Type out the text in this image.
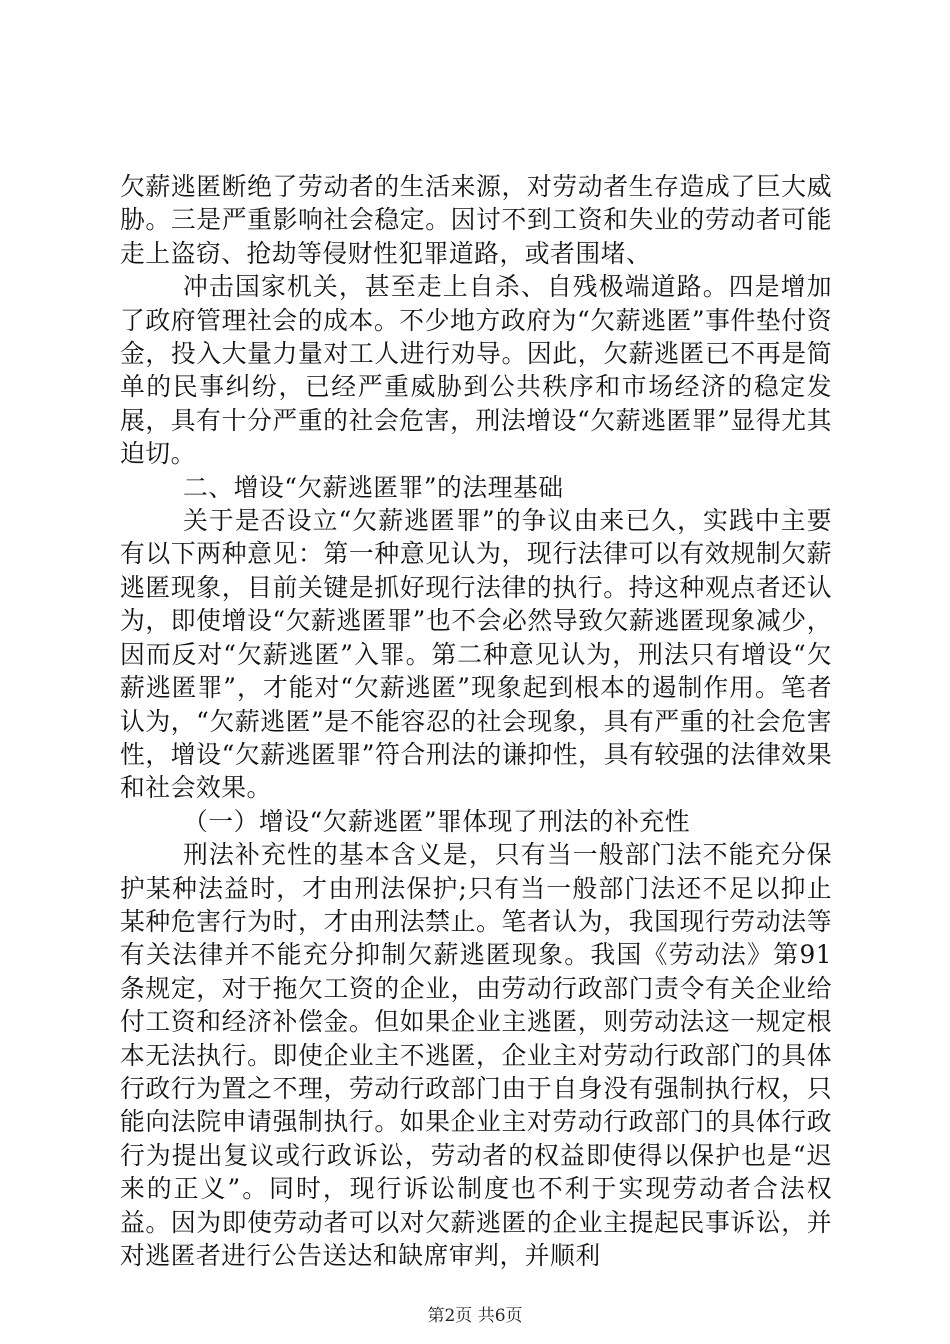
欠薪逃匿断绝了劳动者的生活来源，对劳动者生存造成了巨大威胁。三是严重影响社会稳定。因讨不到工资和失业的劳动者可能走上盗窃、抢劫等侵财性犯罪道路，或者围堵、

冲击国家机关，甚至走上自杀、自残极端道路。四是增加了政府管理社会的成本。不少地方政府为“欠薪逃匿”事件垫付资金，投入大量力量对工人进行劝导。因此，欠薪逃匿已不再是简单的民事纠纷，已经严重威胁到公共秩序和市场经济的稳定发展，具有十分严重的社会危害，刑法增设“欠薪逃匿罪”显得尤其迫切。

二、增设“欠薪逃匿罪”的法理基础

关于是否设立“欠薪逃匿罪”的争议由来已久，实践中主要有以下两种意见：第一种意见认为，现行法律可以有效规制欠薪逃匿现象，目前关键是抓好现行法律的执行。持这种观点者还认为，即使增设“欠薪逃匿罪”也不会必然导致欠薪逃匿现象减少，因而反对“欠薪逃匿”入罪。第二种意见认为，刑法只有增设“欠薪逃匿罪”，才能对“欠薪逃匿”现象起到根本的遏制作用。笔者认为，“欠薪逃匿”是不能容忍的社会现象，具有严重的社会危害性，增设“欠薪逃匿罪”符合刑法的谦抑性，具有较强的法律效果和社会效果。

（一）增设“欠薪逃匿”罪体现了刑法的补充性

刑法补充性的基本含义是，只有当一般部门法不能充分保护某种法益时，才由刑法保护;只有当一般部门法还不足以抑止某种危害行为时，才由刑法禁止。笔者认为，我国现行劳动法等有关法律并不能充分抑制欠薪逃匿现象。我国《劳动法》第91条规定，对于拖欠工资的企业，由劳动行政部门责令有关企业给付工资和经济补偿金。但如果企业主逃匿，则劳动法这一规定根本无法执行。即使企业主不逃匿，企业主对劳动行政部门的具体行政行为置之不理，劳动行政部门由于自身没有强制执行权，只能向法院申请强制执行。如果企业主对劳动行政部门的具体行政行为提出复议或行政诉讼，劳动者的权益即使得以保护也是“迟来的正义”。同时，现行诉讼制度也不利于实现劳动者合法权益。因为即使劳动者可以对欠薪逃匿的企业主提起民事诉讼，并对逃匿者进行公告送达和缺席审判，并顺利

第2页 共6页
